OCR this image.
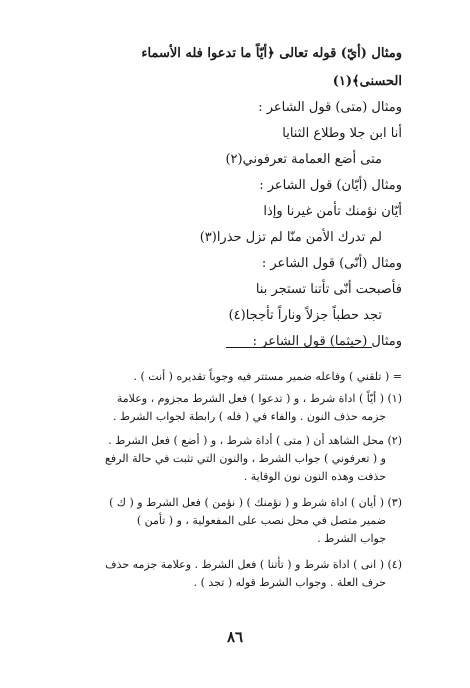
ومثال (أيّ) قوله تعالى ﴿أيّاً ما تدعوا فله الأسماء
الحسنى﴾(١)
ومثال (متى) قول الشاعر :
أنا ابن جلا وطلاع الثنايا
متى أضع العمامة تعرفوني(٢)
ومثال (أيّان) قول الشاعر :
أيّان نؤمنك تأمن غيرنا وإذا
لم تدرك الأمن منّا لم تزل حذرا(٣)
ومثال (أنّى) قول الشاعر :
فأصبحت أنّى تأتنا تستجر بنا
تجد حطباً جزلاً وناراً تأججا(٤)
ومثال (حيثما) قول الشاعر :
= ( تلقني ) وفاعله ضمير مستتر فيه وجوباً تقديره ( أنت ) .
(١) ( أيّاً ) اداة شرط ، و ( تدعوا ) فعل الشرط مجزوم ، وعلامة
جزمه حذف النون . والفاء في ( فله ) رابطة لجواب الشرط .
(٢) محل الشاهد أن ( متى ) أداة شرط ، و ( أضع ) فعل الشرط .
و ( تعرفوني ) جواب الشرط ، والنون التي تثبت في حالة الرفع
حذفت وهذه النون نون الوقاية .
(٣) ( أيان ) اداة شرط و ( نؤمنك ) ( نؤمن ) فعل الشرط و ( ك )
ضمير متصل في محل نصب على المفعولية ، و ( تأمن )
جواب الشرط .
(٤) ( انى ) اداة شرط و ( تأتنا ) فعل الشرط . وعلامة جزمه حذف
حرف العلة . وجواب الشرط قوله ( تجد ) .
٨٦
